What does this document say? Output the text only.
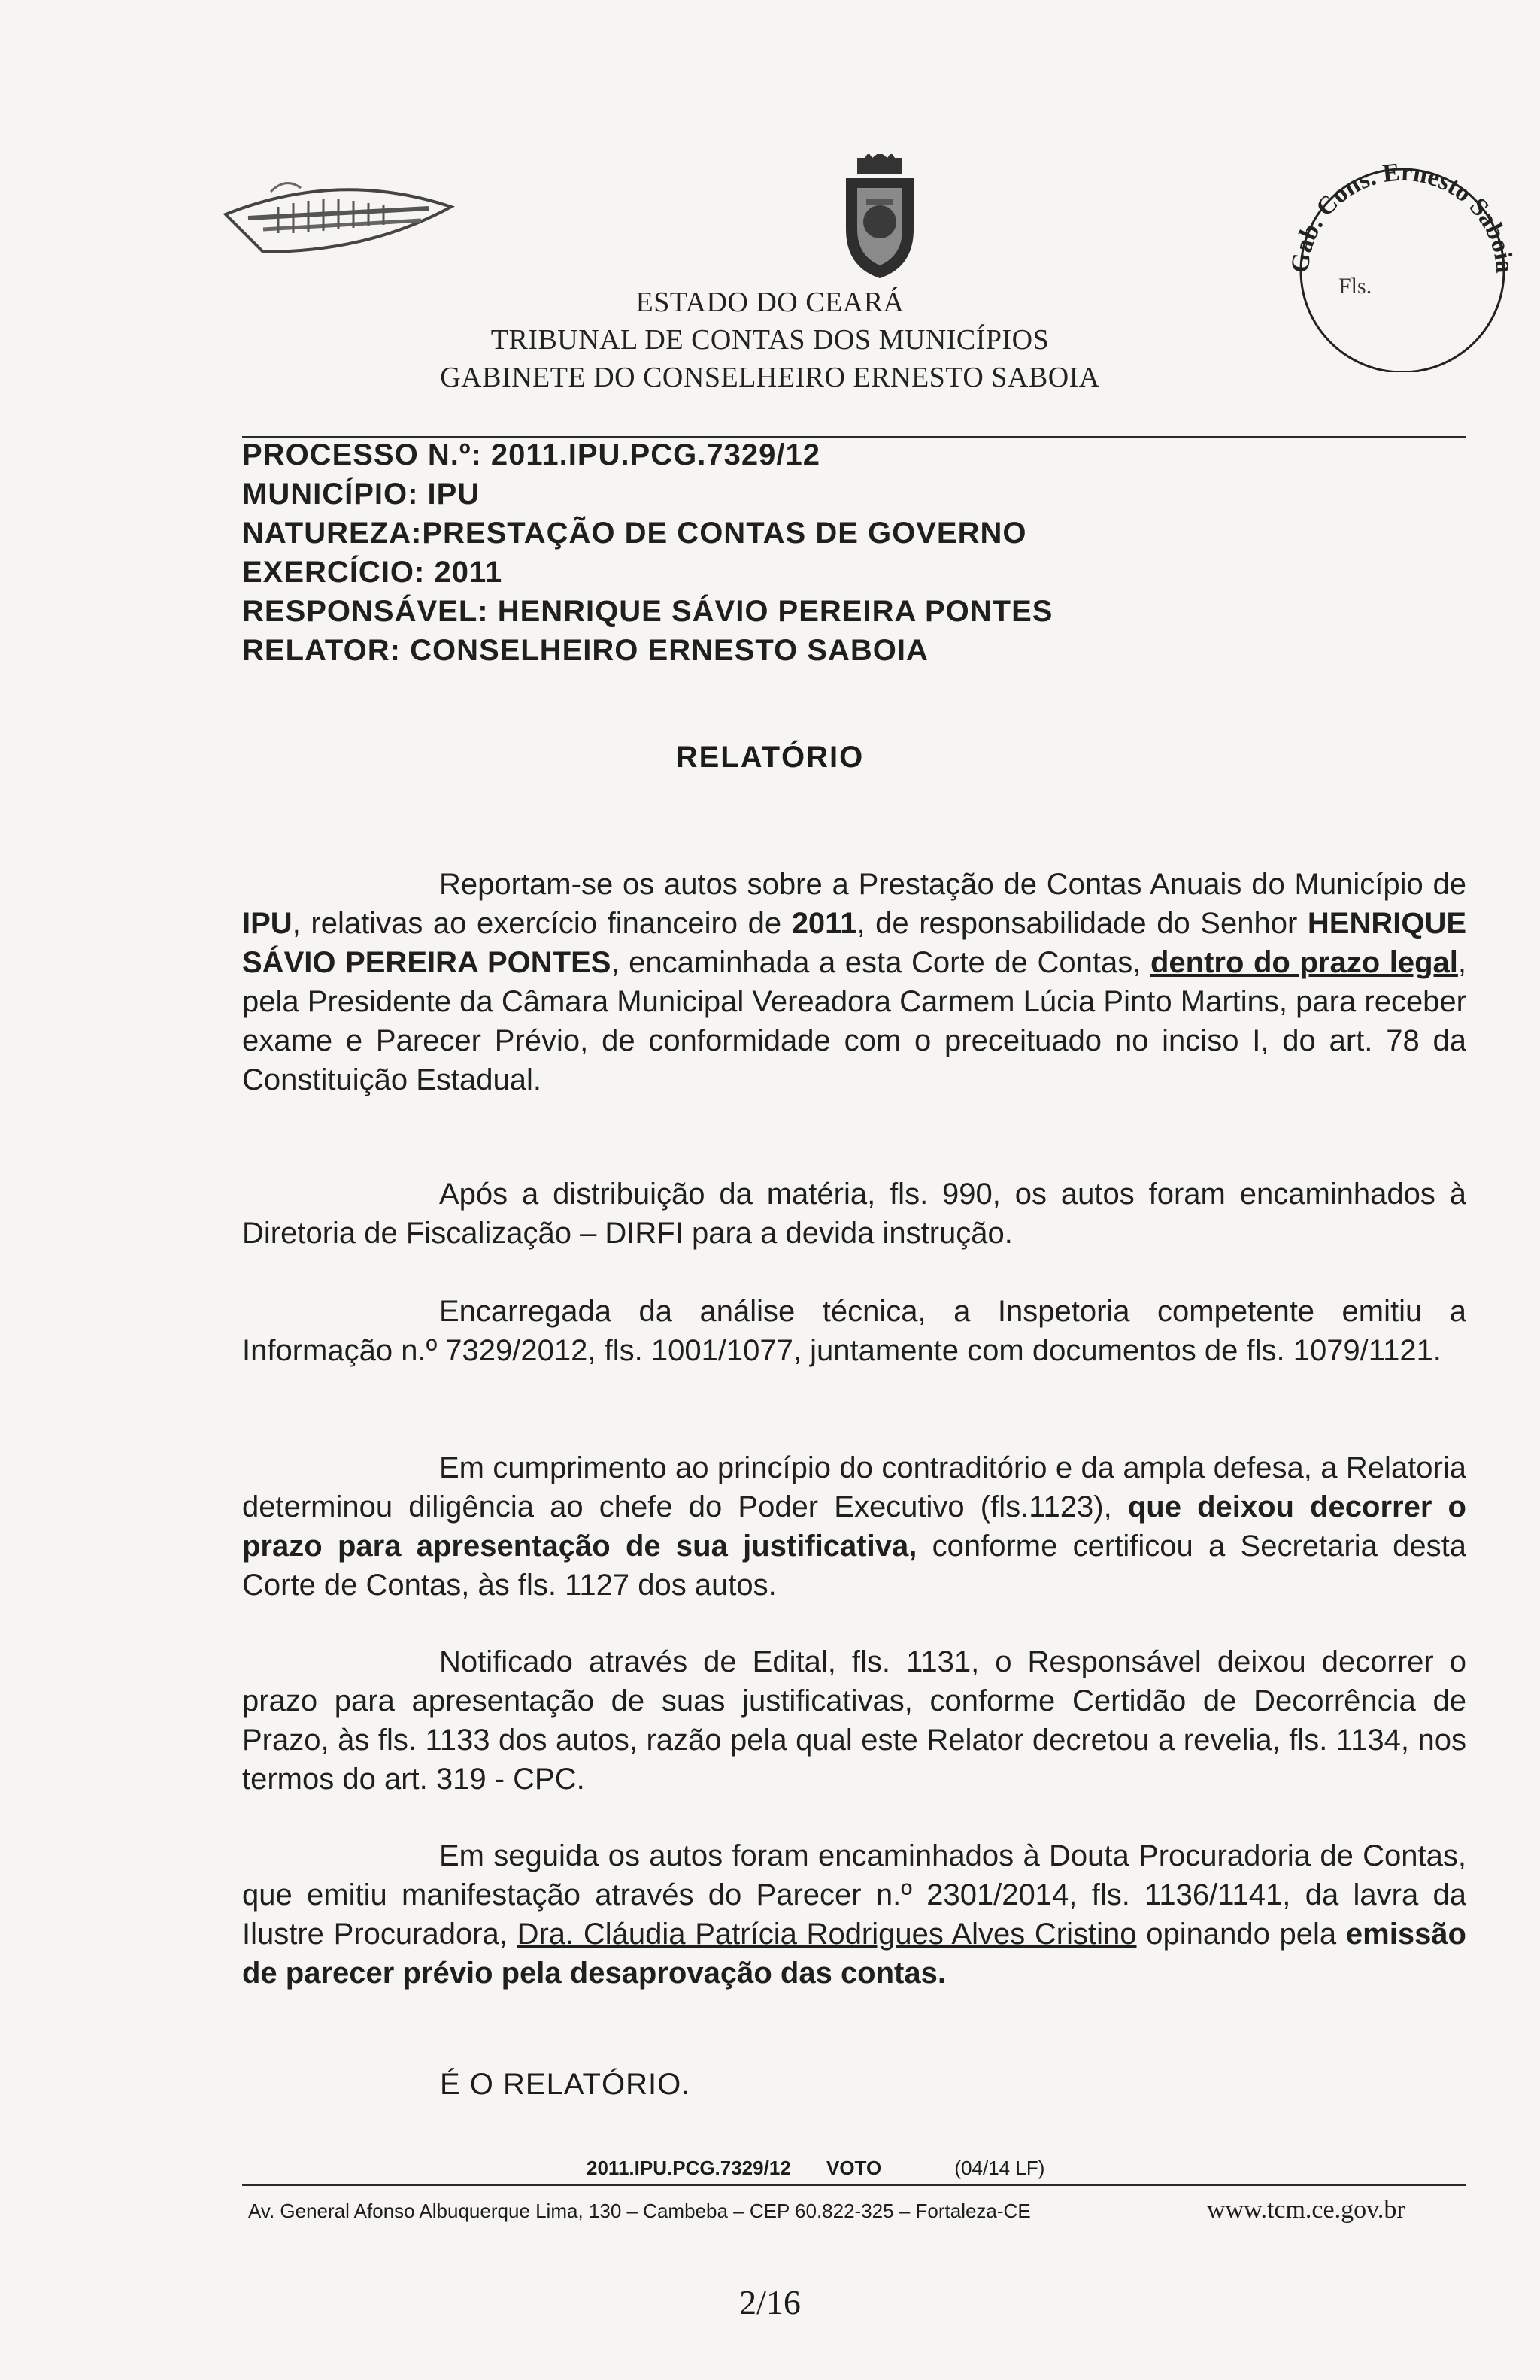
ESTADO DO CEARÁ
TRIBUNAL DE CONTAS DOS MUNICÍPIOS
GABINETE DO CONSELHEIRO ERNESTO SABOIA
Gab. Cons. Ernesto Saboia
Fls.
PROCESSO N.º: 2011.IPU.PCG.7329/12
MUNICÍPIO: IPU
NATUREZA:PRESTAÇÃO DE CONTAS DE GOVERNO
EXERCÍCIO: 2011
RESPONSÁVEL: HENRIQUE SÁVIO PEREIRA PONTES
RELATOR: CONSELHEIRO ERNESTO SABOIA
RELATÓRIO
Reportam-se os autos sobre a Prestação de Contas Anuais do Município de IPU, relativas ao exercício financeiro de 2011, de responsabilidade do Senhor HENRIQUE SÁVIO PEREIRA PONTES, encaminhada a esta Corte de Contas, dentro do prazo legal, pela Presidente da Câmara Municipal Vereadora Carmem Lúcia Pinto Martins, para receber exame e Parecer Prévio, de conformidade com o preceituado no inciso I, do art. 78 da Constituição Estadual.
Após a distribuição da matéria, fls. 990, os autos foram encaminhados à Diretoria de Fiscalização – DIRFI para a devida instrução.
Encarregada da análise técnica, a Inspetoria competente emitiu a Informação n.º 7329/2012, fls. 1001/1077, juntamente com documentos de fls. 1079/1121.
Em cumprimento ao princípio do contraditório e da ampla defesa, a Relatoria determinou diligência ao chefe do Poder Executivo (fls.1123), que deixou decorrer o prazo para apresentação de sua justificativa, conforme certificou a Secretaria desta Corte de Contas, às fls. 1127 dos autos.
Notificado através de Edital, fls. 1131, o Responsável deixou decorrer o prazo para apresentação de suas justificativas, conforme Certidão de Decorrência de Prazo, às fls. 1133 dos autos, razão pela qual este Relator decretou a revelia, fls. 1134, nos termos do art. 319 - CPC.
Em seguida os autos foram encaminhados à Douta Procuradoria de Contas, que emitiu manifestação através do Parecer n.º 2301/2014, fls. 1136/1141, da lavra da Ilustre Procuradora, Dra. Cláudia Patrícia Rodrigues Alves Cristino opinando pela emissão de parecer prévio pela desaprovação das contas.
É O RELATÓRIO.
2011.IPU.PCG.7329/12 VOTO	(04/14 LF)
Av. General Afonso Albuquerque Lima, 130 – Cambeba – CEP 60.822-325 – Fortaleza-CE	www.tcm.ce.gov.br
2/16
